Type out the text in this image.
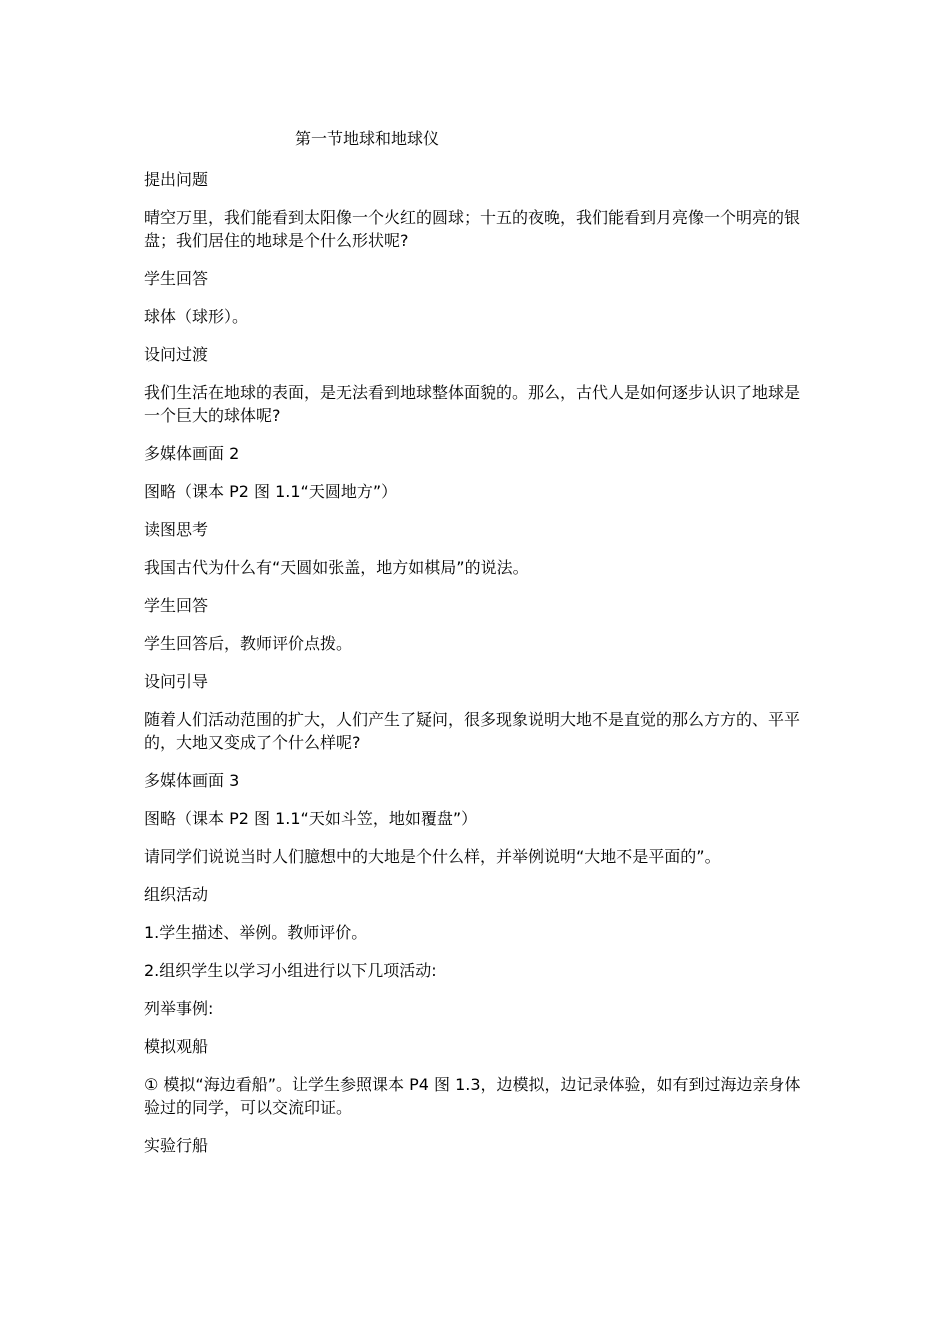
第一节地球和地球仪

提出问题

晴空万里，我们能看到太阳像一个火红的圆球；十五的夜晚，我们能看到月亮像一个明亮的银盘；我们居住的地球是个什么形状呢?

学生回答

球体（球形）。

设问过渡

我们生活在地球的表面，是无法看到地球整体面貌的。那么，古代人是如何逐步认识了地球是一个巨大的球体呢?

多媒体画面 2

图略（课本 P2 图 1.1“天圆地方”）

读图思考

我国古代为什么有“天圆如张盖，地方如棋局”的说法。

学生回答

学生回答后，教师评价点拨。

设问引导

随着人们活动范围的扩大，人们产生了疑问，很多现象说明大地不是直觉的那么方方的、平平的，大地又变成了个什么样呢?

多媒体画面 3

图略（课本 P2 图 1.1“天如斗笠，地如覆盘”）

请同学们说说当时人们臆想中的大地是个什么样，并举例说明“大地不是平面的”。

组织活动

1.学生描述、举例。教师评价。

2.组织学生以学习小组进行以下几项活动:

列举事例:

模拟观船

① 模拟“海边看船”。让学生参照课本 P4 图 1.3，边模拟，边记录体验，如有到过海边亲身体验过的同学，可以交流印证。

实验行船
